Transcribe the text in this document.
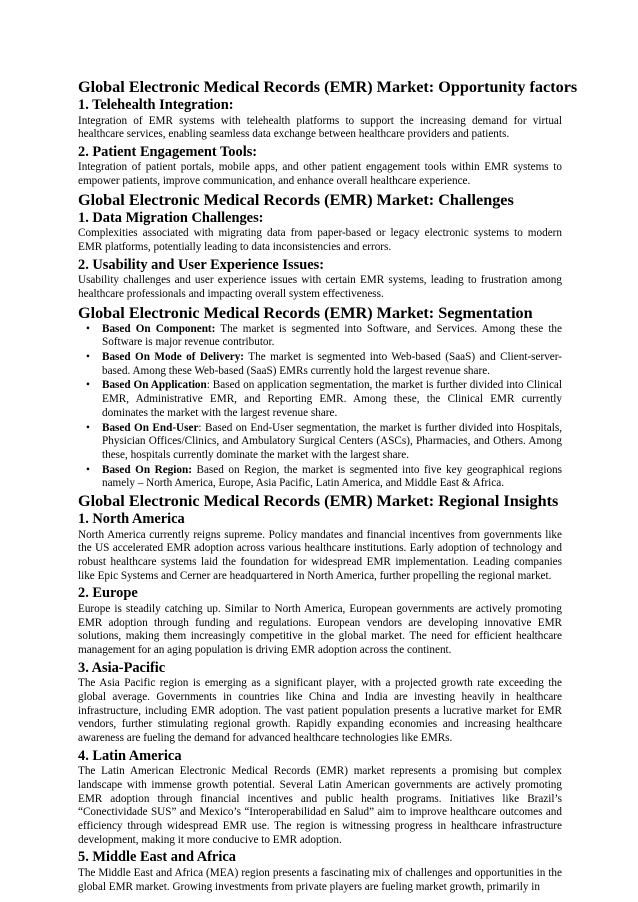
Global Electronic Medical Records (EMR) Market: Opportunity factors
1. Telehealth Integration:

Integration of EMR systems with telehealth platforms to support the increasing demand for virtual healthcare services, enabling seamless data exchange between healthcare providers and patients.

2. Patient Engagement Tools:

Integration of patient portals, mobile apps, and other patient engagement tools within EMR systems to empower patients, improve communication, and enhance overall healthcare experience.

Global Electronic Medical Records (EMR) Market: Challenges
1. Data Migration Challenges:

Complexities associated with migrating data from paper-based or legacy electronic systems to modern EMR platforms, potentially leading to data inconsistencies and errors.

2. Usability and User Experience Issues:

Usability challenges and user experience issues with certain EMR systems, leading to frustration among healthcare professionals and impacting overall system effectiveness.

Global Electronic Medical Records (EMR) Market: Segmentation
• Based On Component: The market is segmented into Software, and Services. Among these the Software is major revenue contributor.
• Based On Mode of Delivery: The market is segmented into Web-based (SaaS) and Client-server-based. Among these Web-based (SaaS) EMRs currently hold the largest revenue share.
• Based On Application: Based on application segmentation, the market is further divided into Clinical EMR, Administrative EMR, and Reporting EMR. Among these, the Clinical EMR currently dominates the market with the largest revenue share.
• Based On End-User: Based on End-User segmentation, the market is further divided into Hospitals, Physician Offices/Clinics, and Ambulatory Surgical Centers (ASCs), Pharmacies, and Others. Among these, hospitals currently dominate the market with the largest share.
• Based On Region: Based on Region, the market is segmented into five key geographical regions namely – North America, Europe, Asia Pacific, Latin America, and Middle East & Africa.
Global Electronic Medical Records (EMR) Market: Regional Insights
1. North America

North America currently reigns supreme. Policy mandates and financial incentives from governments like the US accelerated EMR adoption across various healthcare institutions. Early adoption of technology and robust healthcare systems laid the foundation for widespread EMR implementation. Leading companies like Epic Systems and Cerner are headquartered in North America, further propelling the regional market.

2. Europe

Europe is steadily catching up. Similar to North America, European governments are actively promoting EMR adoption through funding and regulations. European vendors are developing innovative EMR solutions, making them increasingly competitive in the global market. The need for efficient healthcare management for an aging population is driving EMR adoption across the continent.

3. Asia-Pacific

The Asia Pacific region is emerging as a significant player, with a projected growth rate exceeding the global average. Governments in countries like China and India are investing heavily in healthcare infrastructure, including EMR adoption. The vast patient population presents a lucrative market for EMR vendors, further stimulating regional growth. Rapidly expanding economies and increasing healthcare awareness are fueling the demand for advanced healthcare technologies like EMRs.

4. Latin America

The Latin American Electronic Medical Records (EMR) market represents a promising but complex landscape with immense growth potential. Several Latin American governments are actively promoting EMR adoption through financial incentives and public health programs. Initiatives like Brazil’s “Conectividade SUS” and Mexico’s “Interoperabilidad en Salud” aim to improve healthcare outcomes and efficiency through widespread EMR use. The region is witnessing progress in healthcare infrastructure development, making it more conducive to EMR adoption.

5. Middle East and Africa

The Middle East and Africa (MEA) region presents a fascinating mix of challenges and opportunities in the global EMR market. Growing investments from private players are fueling market growth, primarily in
